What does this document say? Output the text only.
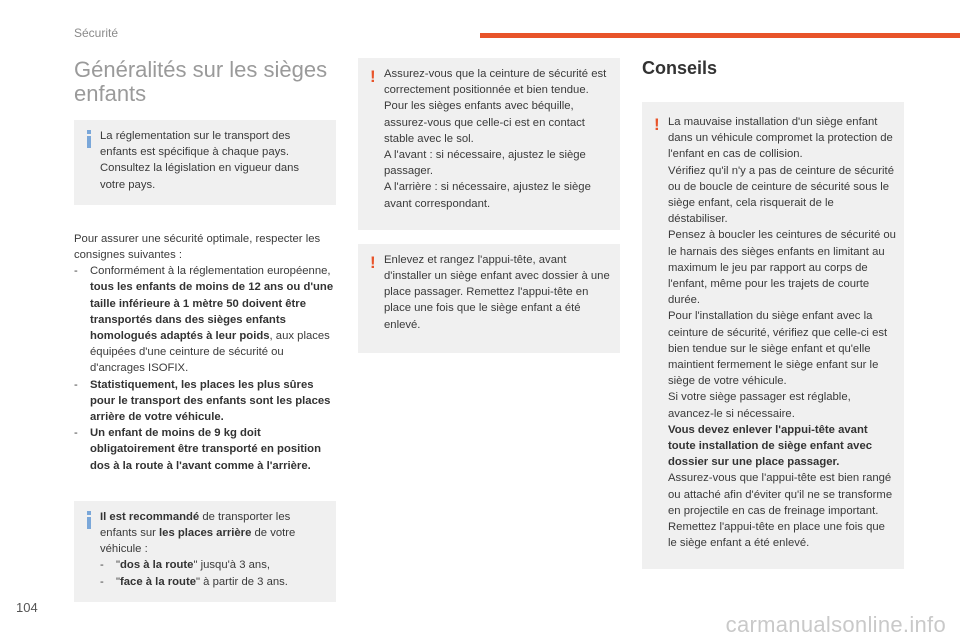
Sécurité
Généralités sur les sièges
enfants

La réglementation sur le transport des enfants est spécifique à chaque pays.
Consultez la législation en vigueur dans votre pays.

Pour assurer une sécurité optimale, respecter les consignes suivantes :

-	Conformément à la réglementation européenne, tous les enfants de moins de 12 ans ou d'une taille inférieure à 1 mètre 50 doivent être transportés dans des sièges enfants homologués adaptés à leur poids, aux places équipées d'une ceinture de sécurité ou d'ancrages ISOFIX.
-	Statistiquement, les places les plus sûres pour le transport des enfants sont les places arrière de votre véhicule.
-	Un enfant de moins de 9 kg doit obligatoirement être transporté en position dos à la route à l'avant comme à l'arrière.

Il est recommandé de transporter les enfants sur les places arrière de votre véhicule :

-	"dos à la route" jusqu'à 3 ans,
-	"face à la route" à partir de 3 ans.
! Assurez-vous que la ceinture de sécurité est correctement positionnée et bien tendue.
Pour les sièges enfants avec béquille, assurez-vous que celle-ci est en contact stable avec le sol.
A l'avant : si nécessaire, ajustez le siège passager.
A l'arrière : si nécessaire, ajustez le siège avant correspondant.

! Enlevez et rangez l'appui-tête, avant d'installer un siège enfant avec dossier à une place passager. Remettez l'appui-tête en place une fois que le siège enfant a été enlevé.

Conseils
! La mauvaise installation d'un siège enfant dans un véhicule compromet la protection de l'enfant en cas de collision.
Vérifiez qu'il n'y a pas de ceinture de sécurité ou de boucle de ceinture de sécurité sous le siège enfant, cela risquerait de le déstabiliser.
Pensez à boucler les ceintures de sécurité ou le harnais des sièges enfants en limitant au maximum le jeu par rapport au corps de l'enfant, même pour les trajets de courte durée.
Pour l'installation du siège enfant avec la ceinture de sécurité, vérifiez que celle-ci est bien tendue sur le siège enfant et qu'elle maintient fermement le siège enfant sur le siège de votre véhicule.
Si votre siège passager est réglable, avancez-le si nécessaire.

Vous devez enlever l'appui-tête avant toute installation de siège enfant avec dossier sur une place passager.

Assurez-vous que l'appui-tête est bien rangé ou attaché afin d'éviter qu'il ne se transforme en projectile en cas de freinage important. Remettez l'appui-tête en place une fois que le siège enfant a été enlevé.

104
carmanualsonline.info
